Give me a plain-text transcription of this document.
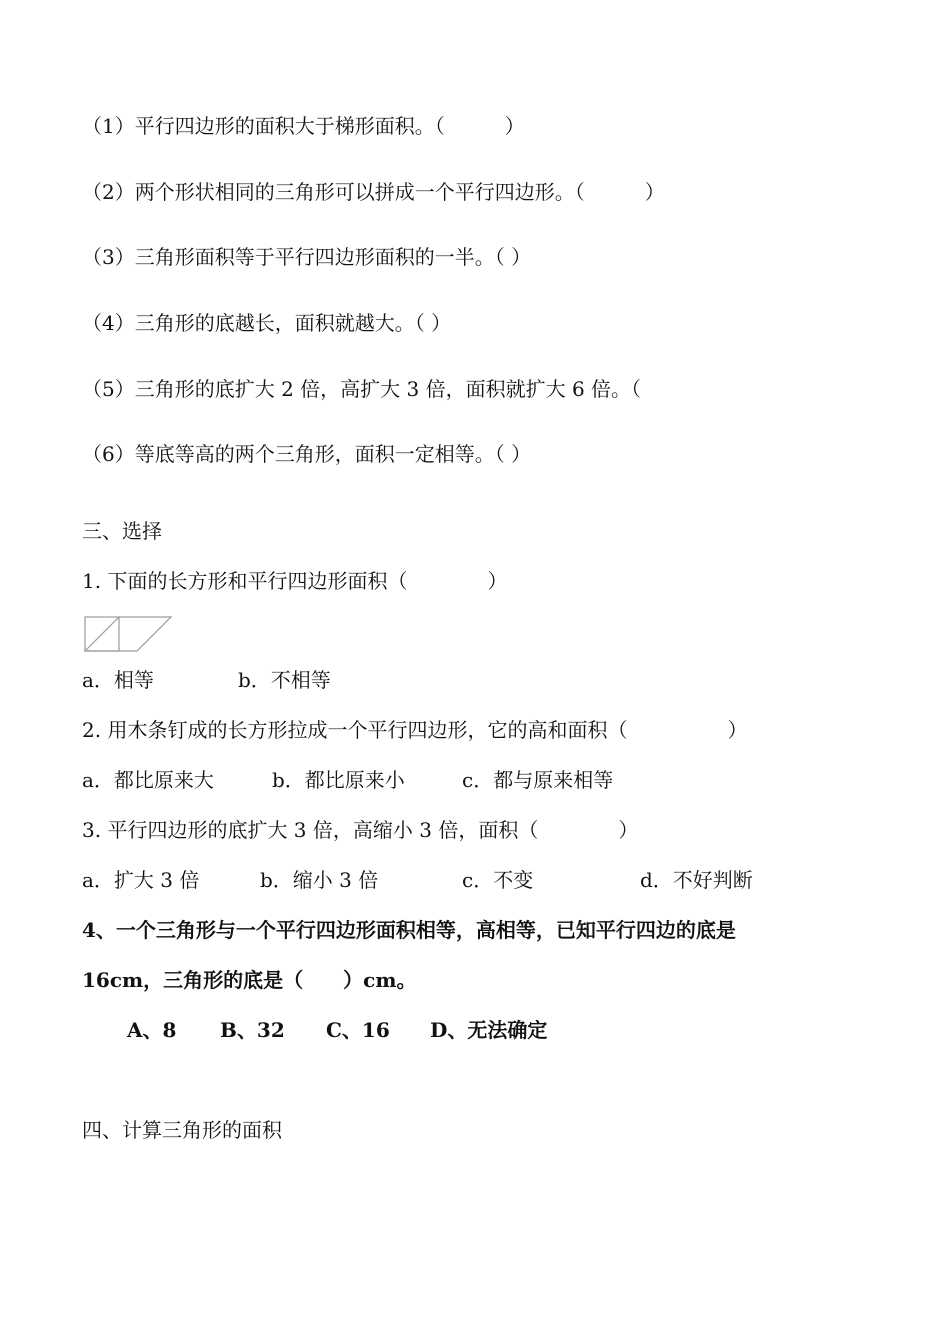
（1）平行四边形的面积大于梯形面积。（　　　）
（2）两个形状相同的三角形可以拼成一个平行四边形。（　　　）
（3）三角形面积等于平行四边形面积的一半。（ ）
（4）三角形的底越长，面积就越大。（ ）
（5）三角形的底扩大 2 倍，高扩大 3 倍，面积就扩大 6 倍。（
（6）等底等高的两个三角形，面积一定相等。（ ）
三、选择
1. 下面的长方形和平行四边形面积（　　　　）
a．相等	b．不相等
2. 用木条钉成的长方形拉成一个平行四边形，它的高和面积（　　　　　）
a．都比原来大	b．都比原来小	c．都与原来相等
3. 平行四边形的底扩大 3 倍，高缩小 3 倍，面积（　　　　）
a．扩大 3 倍	b．缩小 3 倍	c．不变	d．不好判断
4、一个三角形与一个平行四边形面积相等，高相等，已知平行四边的底是
16cm，三角形的底是（　　）cm。
A、8 B、32 C、16 D、无法确定
四、计算三角形的面积
